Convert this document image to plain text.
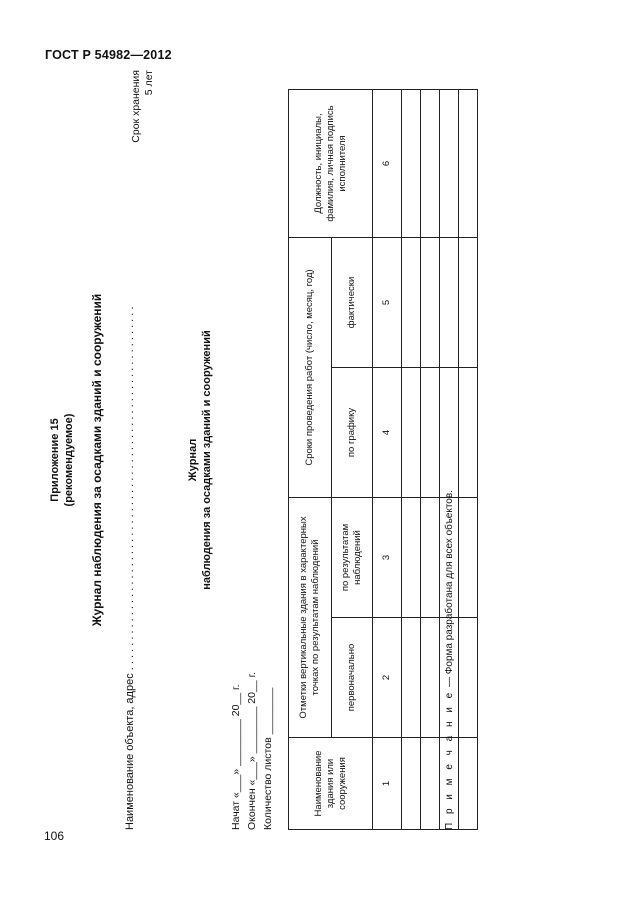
ГОСТ Р 54982—2012
106
Приложение 15 (рекомендуемое) Журнал наблюдения за осадками зданий и сооружений
Наименование объекта, адрес . . . . . . . . . . . . . . . . . . . . . . . . . . . . . . . . . . . . . . . . . . . . . . . . . . . . . . . . . . . .
Срок хранения 5 лет
Журнал наблюдения за осадками зданий и сооружений
Начат «___» ________ 20__ г. Окончен «___» ________ 20__ г. Количество листов ________	Наименование здания или сооружения	Отметки вертикальные здания в характерных точках по результатам наблюдений		Сроки проведения работ (число, месяц, год)		Должность, инициалы, фамилия, личная подпись исполнителя
	первоначально	по результатам наблюдений	по графику	фактически	
1	2	3	4	5	6

П р и м е ч а н и е — Форма разработана для всех объектов.
